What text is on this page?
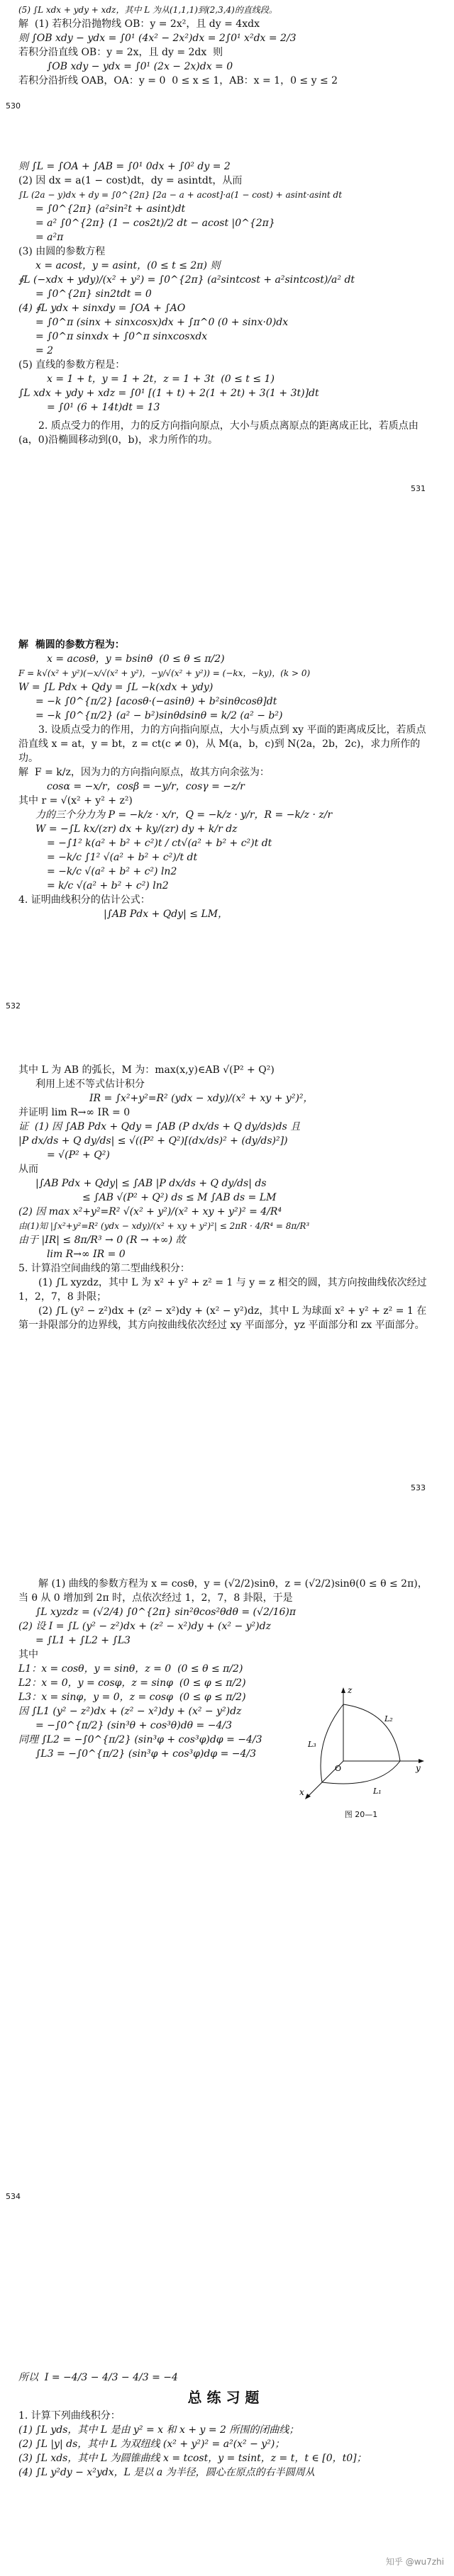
(5) ∫L xdx + ydy + xdz，其中 L 为从(1,1,1)到(2,3,4)的直线段。
解  (1) 若积分沿抛物线 OB：y = 2x²，且 dy = 4xdx
则 ∫OB xdy − ydx = ∫0¹ (4x² − 2x²)dx = 2∫0¹ x²dx = 2/3
若积分沿直线 OB：y = 2x，且 dy = 2dx  则
∫OB xdy − ydx = ∫0¹ (2x − 2x)dx = 0
若积分沿折线 OAB，OA：y = 0  0 ≤ x ≤ 1，AB：x = 1，0 ≤ y ≤ 2
530
则 ∫L = ∫OA + ∫AB = ∫0¹ 0dx + ∫0² dy = 2
(2) 因 dx = a(1 − cost)dt，dy = asintdt，从而
∫L (2a − y)dx + dy = ∫0^{2π} [2a − a + acost]·a(1 − cost) + asint·asint dt
= ∫0^{2π} (a²sin²t + asint)dt
= a² ∫0^{2π} (1 − cos2t)/2 dt − acost |0^{2π}
= a²π
(3) 由圆的参数方程
x = acost，y = asint，(0 ≤ t ≤ 2π) 则
∮L (−xdx + ydy)/(x² + y²) = ∫0^{2π} (a²sintcost + a²sintcost)/a² dt
= ∫0^{2π} sin2tdt = 0
(4) ∮L ydx + sinxdy = ∫OA + ∫AO
= ∫0^π (sinx + sinxcosx)dx + ∫π^0 (0 + sinx·0)dx
= ∫0^π sinxdx + ∫0^π sinxcosxdx
= 2
(5) 直线的参数方程是：
x = 1 + t，y = 1 + 2t，z = 1 + 3t  (0 ≤ t ≤ 1)
∫L xdx + ydy + xdz = ∫0¹ [(1 + t) + 2(1 + 2t) + 3(1 + 3t)]dt
= ∫0¹ (6 + 14t)dt = 13
2. 质点受力的作用，力的反方向指向原点，大小与质点离原点的距离成正比，若质点由(a，0)沿椭圆移动到(0，b)，求力所作的功。
531
解  椭圆的参数方程为：
x = acosθ，y = bsinθ  (0 ≤ θ ≤ π/2)
F = k√(x² + y²)(−x/√(x² + y²)，−y/√(x² + y²)) = (−kx，−ky)，(k > 0)
W = ∫L Pdx + Qdy = ∫L −k(xdx + ydy)
= −k ∫0^{π/2} [acosθ·(−asinθ) + b²sinθcosθ]dt
= −k ∫0^{π/2} (a² − b²)sinθdsinθ = k/2 (a² − b²)
3. 设质点受力的作用，力的方向指向原点，大小与质点到 xy 平面的距离成反比，若质点沿直线 x = at，y = bt，z = ct(c ≠ 0)，从 M(a，b，c)到 N(2a，2b，2c)，求力所作的功。
解  F = k/z，因为力的方向指向原点，故其方向余弦为：
cosα = −x/r，cosβ = −y/r，cosγ = −z/r
其中 r = √(x² + y² + z²)
力的三个分力为 P = −k/z · x/r，Q = −k/z · y/r，R = −k/z · z/r
W = −∫L kx/(zr) dx + ky/(zr) dy + k/r dz
= −∫1² k(a² + b² + c²)t / ct√(a² + b² + c²)t dt
= −k/c ∫1² √(a² + b² + c²)/t dt
= −k/c √(a² + b² + c²) ln2
= k/c √(a² + b² + c²) ln2
4. 证明曲线积分的估计公式：
|∫AB Pdx + Qdy| ≤ LM，
532
其中 L 为 AB 的弧长，M 为：max(x,y)∈AB √(P² + Q²)
利用上述不等式估计积分
IR = ∫x²+y²=R² (ydx − xdy)/(x² + xy + y²)²，
并证明 lim R→∞ IR = 0
证  (1) 因 ∫AB Pdx + Qdy = ∫AB (P dx/ds + Q dy/ds)ds 且
|P dx/ds + Q dy/ds| ≤ √((P² + Q²)[(dx/ds)² + (dy/ds)²])
= √(P² + Q²)
从而
|∫AB Pdx + Qdy| ≤ ∫AB |P dx/ds + Q dy/ds| ds
≤ ∫AB √(P² + Q²) ds ≤ M ∫AB ds = LM
(2) 因 max x²+y²=R² √(x² + y²)/(x² + xy + y²)² = 4/R⁴
由(1)知 |∫x²+y²=R² (ydx − xdy)/(x² + xy + y²)²| ≤ 2πR · 4/R⁴ = 8π/R³
由于 |IR| ≤ 8π/R³ → 0 (R → +∞) 故
lim R→∞ IR = 0
5. 计算沿空间曲线的第二型曲线积分：
(1) ∫L xyzdz，其中 L 为 x² + y² + z² = 1 与 y = z 相交的圆，其方向按曲线依次经过 1，2，7，8 卦限；
(2) ∫L (y² − z²)dx + (z² − x²)dy + (x² − y²)dz，其中 L 为球面 x² + y² + z² = 1 在第一卦限部分的边界线，其方向按曲线依次经过 xy 平面部分，yz 平面部分和 zx 平面部分。
533
解 (1) 曲线的参数方程为 x = cosθ，y = (√2/2)sinθ，z = (√2/2)sinθ(0 ≤ θ ≤ 2π)，当 θ 从 0 增加到 2π 时，点依次经过 1，2，7，8 卦限，于是
∫L xyzdz = (√2/4) ∫0^{2π} sin²θcos²θdθ = (√2/16)π
(2) 设 I = ∫L (y² − z²)dx + (z² − x²)dy + (x² − y²)dz
= ∫L1 + ∫L2 + ∫L3
其中
L1：x = cosθ，y = sinθ，z = 0  (0 ≤ θ ≤ π/2)
L2：x = 0，y = cosφ，z = sinφ  (0 ≤ φ ≤ π/2)
L3：x = sinφ，y = 0，z = cosφ  (0 ≤ φ ≤ π/2)
因 ∫L1 (y² − z²)dx + (z² − x²)dy + (x² − y²)dz
= −∫0^{π/2} (sin³θ + cos³θ)dθ = −4/3
同理 ∫L2 = −∫0^{π/2} (sin³φ + cos³φ)dφ = −4/3
∫L3 = −∫0^{π/2} (sin³φ + cos³φ)dφ = −4/3
z
y
x
O
L₁
L₂
L₃
图 20—1
534
所以  I = −4/3 − 4/3 − 4/3 = −4
总 练 习 题
1. 计算下列曲线积分：
(1) ∫L yds，其中 L 是由 y² = x 和 x + y = 2 所围的闭曲线；
(2) ∫L |y| ds，其中 L 为双纽线 (x² + y²)² = a²(x² − y²)；
(3) ∫L xds，其中 L 为圆锥曲线 x = tcost，y = tsint，z = t，t ∈ [0，t0]；
(4) ∫L y²dy − x²ydx，L 是以 a 为半径，圆心在原点的右半圆周从
知乎 @wu7zhi
